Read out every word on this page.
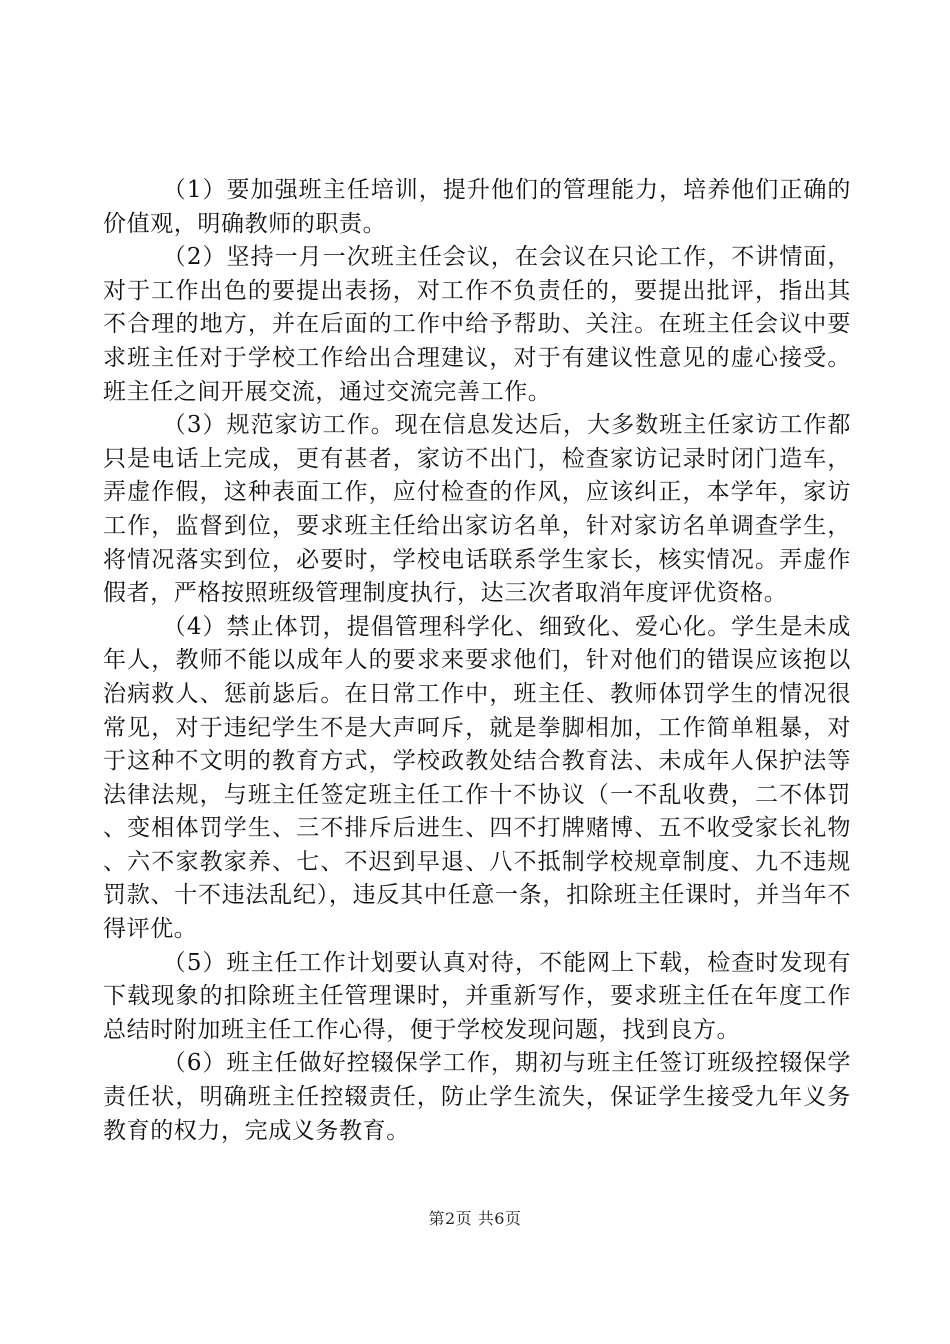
（1）要加强班主任培训，提升他们的管理能力，培养他们正确的价值观，明确教师的职责。

（2）坚持一月一次班主任会议，在会议在只论工作，不讲情面，对于工作出色的要提出表扬，对工作不负责任的，要提出批评，指出其不合理的地方，并在后面的工作中给予帮助、关注。在班主任会议中要求班主任对于学校工作给出合理建议，对于有建议性意见的虚心接受。班主任之间开展交流，通过交流完善工作。

（3）规范家访工作。现在信息发达后，大多数班主任家访工作都只是电话上完成，更有甚者，家访不出门，检查家访记录时闭门造车，弄虚作假，这种表面工作，应付检查的作风，应该纠正，本学年，家访工作，监督到位，要求班主任给出家访名单，针对家访名单调查学生，将情况落实到位，必要时，学校电话联系学生家长，核实情况。弄虚作假者，严格按照班级管理制度执行，达三次者取消年度评优资格。

（4）禁止体罚，提倡管理科学化、细致化、爱心化。学生是未成年人，教师不能以成年人的要求来要求他们，针对他们的错误应该抱以治病救人、惩前毖后。在日常工作中，班主任、教师体罚学生的情况很常见，对于违纪学生不是大声呵斥，就是拳脚相加，工作简单粗暴，对于这种不文明的教育方式，学校政教处结合教育法、未成年人保护法等法律法规，与班主任签定班主任工作十不协议（一不乱收费，二不体罚、变相体罚学生、三不排斥后进生、四不打牌赌博、五不收受家长礼物、六不家教家养、七、不迟到早退、八不抵制学校规章制度、九不违规罚款、十不违法乱纪），违反其中任意一条，扣除班主任课时，并当年不得评优。

（5）班主任工作计划要认真对待，不能网上下载，检查时发现有下载现象的扣除班主任管理课时，并重新写作，要求班主任在年度工作总结时附加班主任工作心得，便于学校发现问题，找到良方。

（6）班主任做好控辍保学工作，期初与班主任签订班级控辍保学责任状，明确班主任控辍责任，防止学生流失，保证学生接受九年义务教育的权力，完成义务教育。

第2页 共6页
